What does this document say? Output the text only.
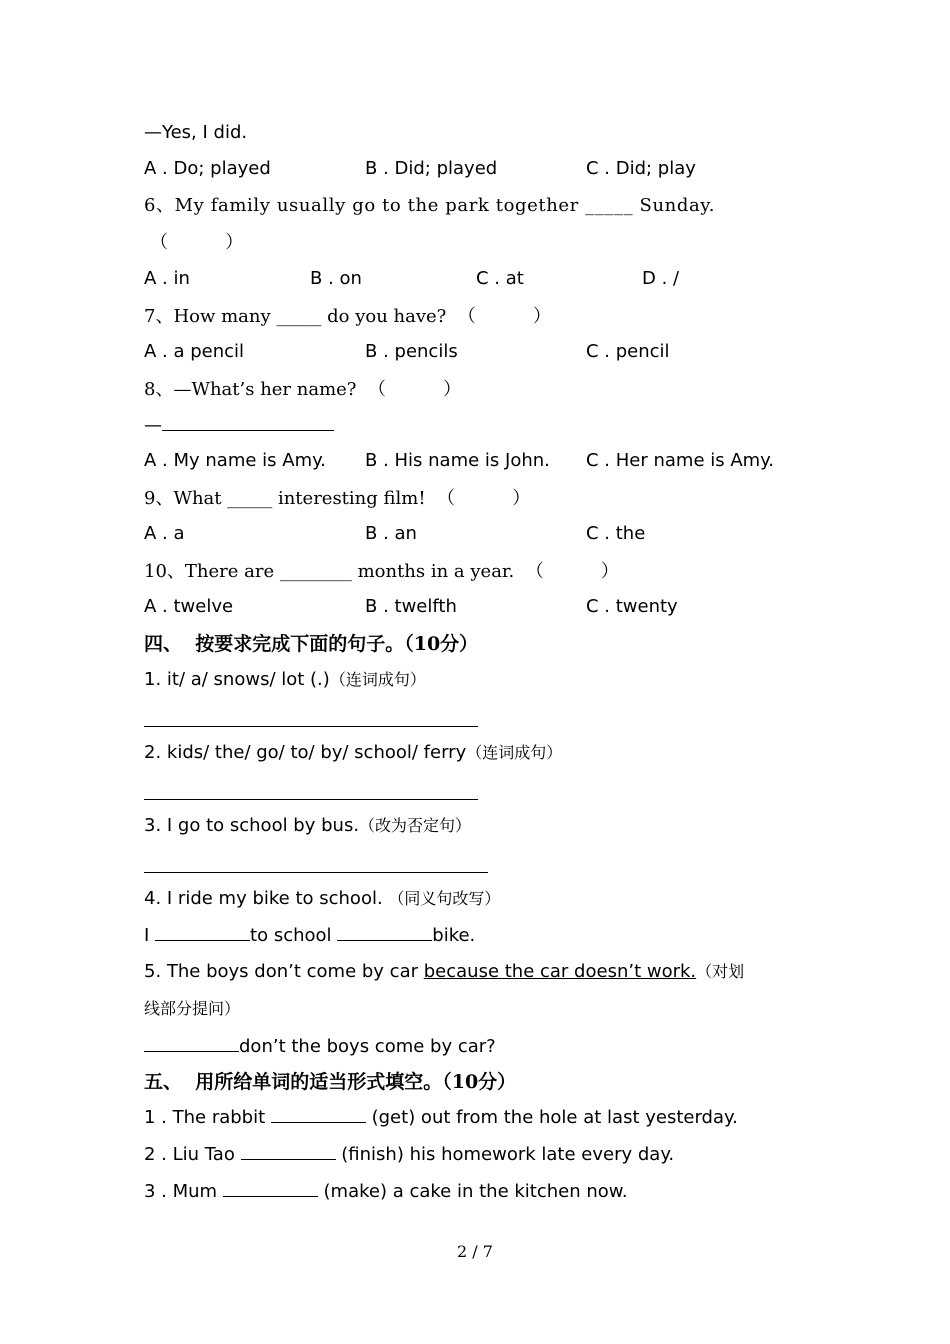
—Yes, I did.
A . Do; played	B . Did; played	C . Did; play
6、My family usually go to the park together _____ Sunday.
（          ）
A . in	B . on	C . at	D . /
7、How many _____ do you have?  （          ）
A . a pencil	B . pencils	C . pencil
8、—What’s her name?  （          ）
—
A . My name is Amy. B . His name is John. C . Her name is Amy.
9、What _____ interesting film!  （          ）
A . a	B . an	C . the
10、There are ________ months in a year.  （          ）
A . twelve	B . twelfth	C . twenty
四、  按要求完成下面的句子。（10分）
1. it/ a/ snows/ lot (.)（连词成句）
2. kids/ the/ go/ to/ by/ school/ ferry（连词成句）
3. I go to school by bus.（改为否定句）
4. I ride my bike to school. （同义句改写）
I	to school	bike.
5. The boys don’t come by car because the car doesn’t work.（对划
线部分提问）
don’t the boys come by car?
五、  用所给单词的适当形式填空。（10分）
1 . The rabbit	(get) out from the hole at last yesterday.
2 . Liu Tao	(finish) his homework late every day.
3 . Mum	(make) a cake in the kitchen now.
2 / 7
